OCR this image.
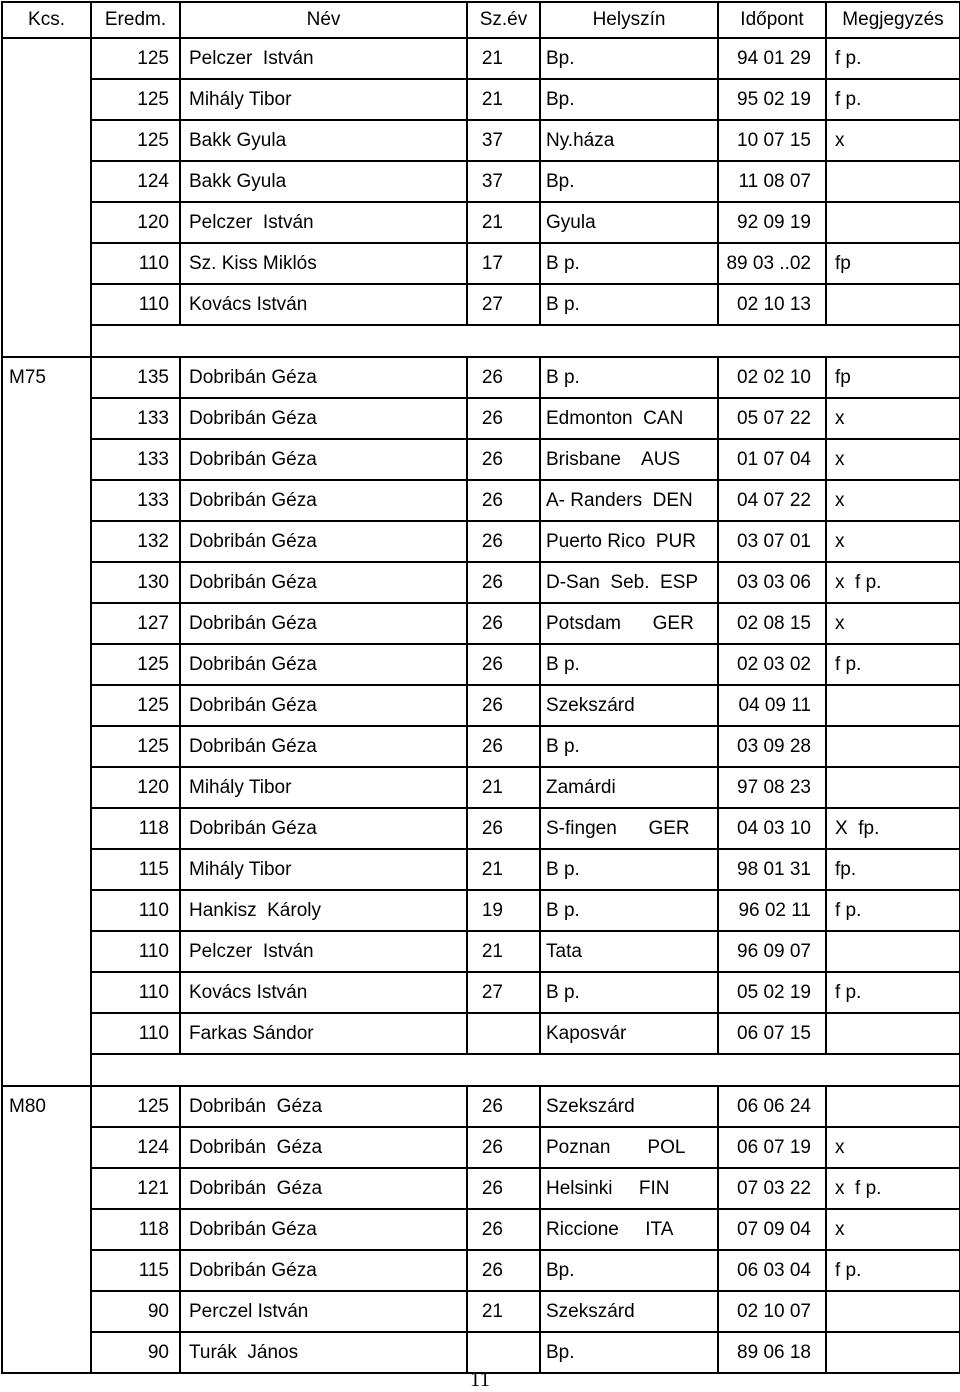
Kcs.	Eredm.	Név	Sz.év	Helyszín	Időpont	Megjegyzés
	125	Pelczer  István	21	Bp.	94 01 29	f p.
	125	Mihály Tibor	21	Bp.	95 02 19	f p.
	125	Bakk Gyula	37	Ny.háza	10 07 15	x
	124	Bakk Gyula	37	Bp.	11 08 07	
	120	Pelczer  István	21	Gyula	92 09 19	
	110	Sz. Kiss Miklós	17	B p.	89 03 ..02	fp
	110	Kovács István	27	B p.	02 10 13	

M75	135	Dobribán Géza	26	B p.	02 02 10	fp
	133	Dobribán Géza	26	Edmonton  CAN	05 07 22	x
	133	Dobribán Géza	26	Brisbane    AUS	01 07 04	x
	133	Dobribán Géza	26	A- Randers  DEN	04 07 22	x
	132	Dobribán Géza	26	Puerto Rico  PUR	03 07 01	x
	130	Dobribán Géza	26	D-San  Seb.  ESP	03 03 06	x  f p.
	127	Dobribán Géza	26	Potsdam      GER	02 08 15	x
	125	Dobribán Géza	26	B p.	02 03 02	f p.
	125	Dobribán Géza	26	Szekszárd	04 09 11	
	125	Dobribán Géza	26	B p.	03 09 28	
	120	Mihály Tibor	21	Zamárdi	97 08 23	
	118	Dobribán Géza	26	S-fingen      GER	04 03 10	X  fp.
	115	Mihály Tibor	21	B p.	98 01 31	fp.
	110	Hankisz  Károly	19	B p.	96 02 11	f p.
	110	Pelczer  István	21	Tata	96 09 07	
	110	Kovács István	27	B p.	05 02 19	f p.
	110	Farkas Sándor		Kaposvár	06 07 15	

M80	125	Dobribán  Géza	26	Szekszárd	06 06 24	
	124	Dobribán  Géza	26	Poznan       POL	06 07 19	x
	121	Dobribán  Géza	26	Helsinki     FIN	07 03 22	x  f p.
	118	Dobribán Géza	26	Riccione     ITA	07 09 04	x
	115	Dobribán Géza	26	Bp.	06 03 04	f p.
	90	Perczel István	21	Szekszárd	02 10 07	
	90	Turák  János		Bp.	89 06 18	
11
